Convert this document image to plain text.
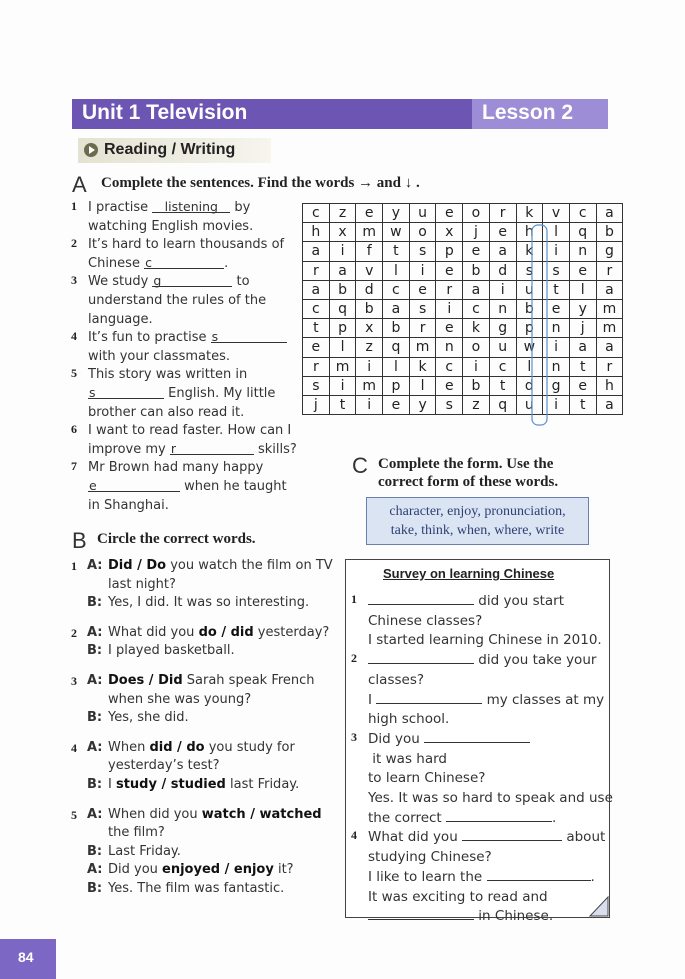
Unit 1 Television	Lesson 2
Reading / Writing
A Complete the sentences. Find the words → and ↓ .
1 I practise listening by
watching English movies.
2 It’s hard to learn thousands of
Chinese c	.
3 We study g	to
understand the rules of the
language.
4 It’s fun to practise s
with your classmates.
5 This story was written in
s	English. My little
brother can also read it.
6 I want to read faster. How can I
improve my r	skills?
7 Mr Brown had many happy
e	when he taught
in Shanghai.
c	z	e	y	u	e	o	r	k	v	c	a
h	x	m	w	o	x	j	e	h	l	q	b
a	i	f	t	s	p	e	a	k	i	n	g
r	a	v	l	i	e	b	d	s	s	e	r
a	b	d	c	e	r	a	i	u	t	l	a
c	q	b	a	s	i	c	n	b	e	y	m
t	p	x	b	r	e	k	g	p	n	j	m
e	l	z	q	m	n	o	u	w	i	a	a
r	m	i	l	k	c	i	c	l	n	t	r
s	i	m	p	l	e	b	t	d	g	e	h
j	t	i	e	y	s	z	q	u	i	t	a
B Circle the correct words.
1 A: Did / Do you watch the film on TV
last night?
B: Yes, I did. It was so interesting.
2 A: What did you do / did yesterday?
B: I played basketball.
3 A: Does / Did Sarah speak French
when she was young?
B: Yes, she did.
4 A: When did / do you study for
yesterday’s test?
B: I study / studied last Friday.
5 A: When did you watch / watched
the film?
B: Last Friday.
A: Did you enjoyed / enjoy it?
B: Yes. The film was fantastic.
C Complete the form. Use the
correct form of these words.
character, enjoy, pronunciation,
take, think, when, where, write
Survey on learning Chinese
1	did you start
Chinese classes?
I started learning Chinese in 2010.
2	did you take your
classes?
I	my classes at my
high school.
3 Did you  it was hard
to learn Chinese?
Yes. It was so hard to speak and use
the correct	.
4 What did you	about
studying Chinese?
I like to learn the	.
It was exciting to read and
in Chinese.
84
